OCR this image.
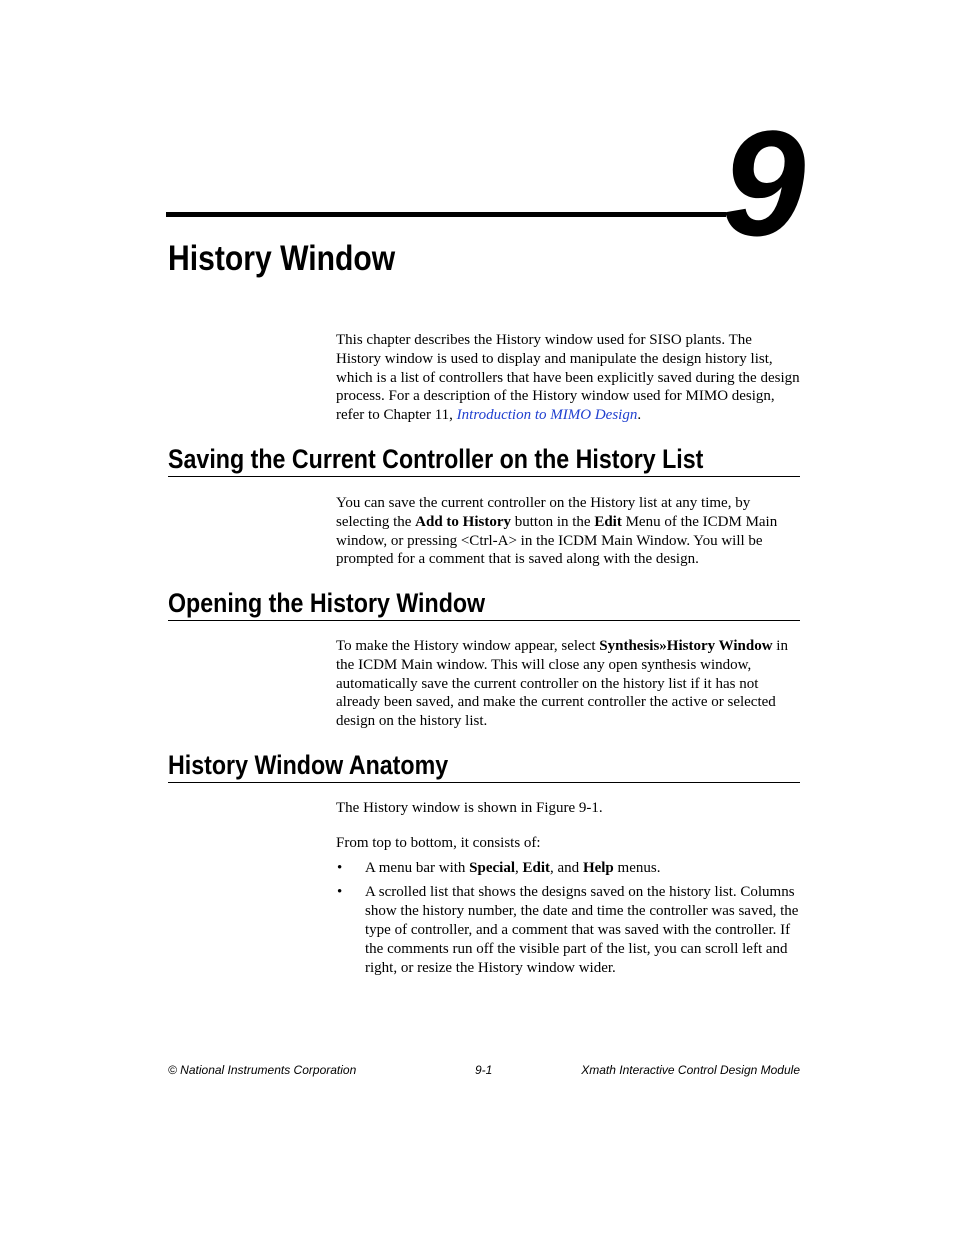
9
History Window

This chapter describes the History window used for SISO plants. The History window is used to display and manipulate the design history list, which is a list of controllers that have been explicitly saved during the design process. For a description of the History window used for MIMO design, refer to Chapter 11, Introduction to MIMO Design.

Saving the Current Controller on the History List

You can save the current controller on the History list at any time, by selecting the Add to History button in the Edit Menu of the ICDM Main window, or pressing <Ctrl-A> in the ICDM Main Window. You will be prompted for a comment that is saved along with the design.

Opening the History Window

To make the History window appear, select Synthesis»History Window in the ICDM Main window. This will close any open synthesis window, automatically save the current controller on the history list if it has not already been saved, and make the current controller the active or selected design on the history list.

History Window Anatomy

The History window is shown in Figure 9-1.

From top to bottom, it consists of:

• A menu bar with Special, Edit, and Help menus.
• A scrolled list that shows the designs saved on the history list. Columns show the history number, the date and time the controller was saved, the type of controller, and a comment that was saved with the controller. If the comments run off the visible part of the list, you can scroll left and right, or resize the History window wider.
© National Instruments Corporation	9-1	Xmath Interactive Control Design Module
